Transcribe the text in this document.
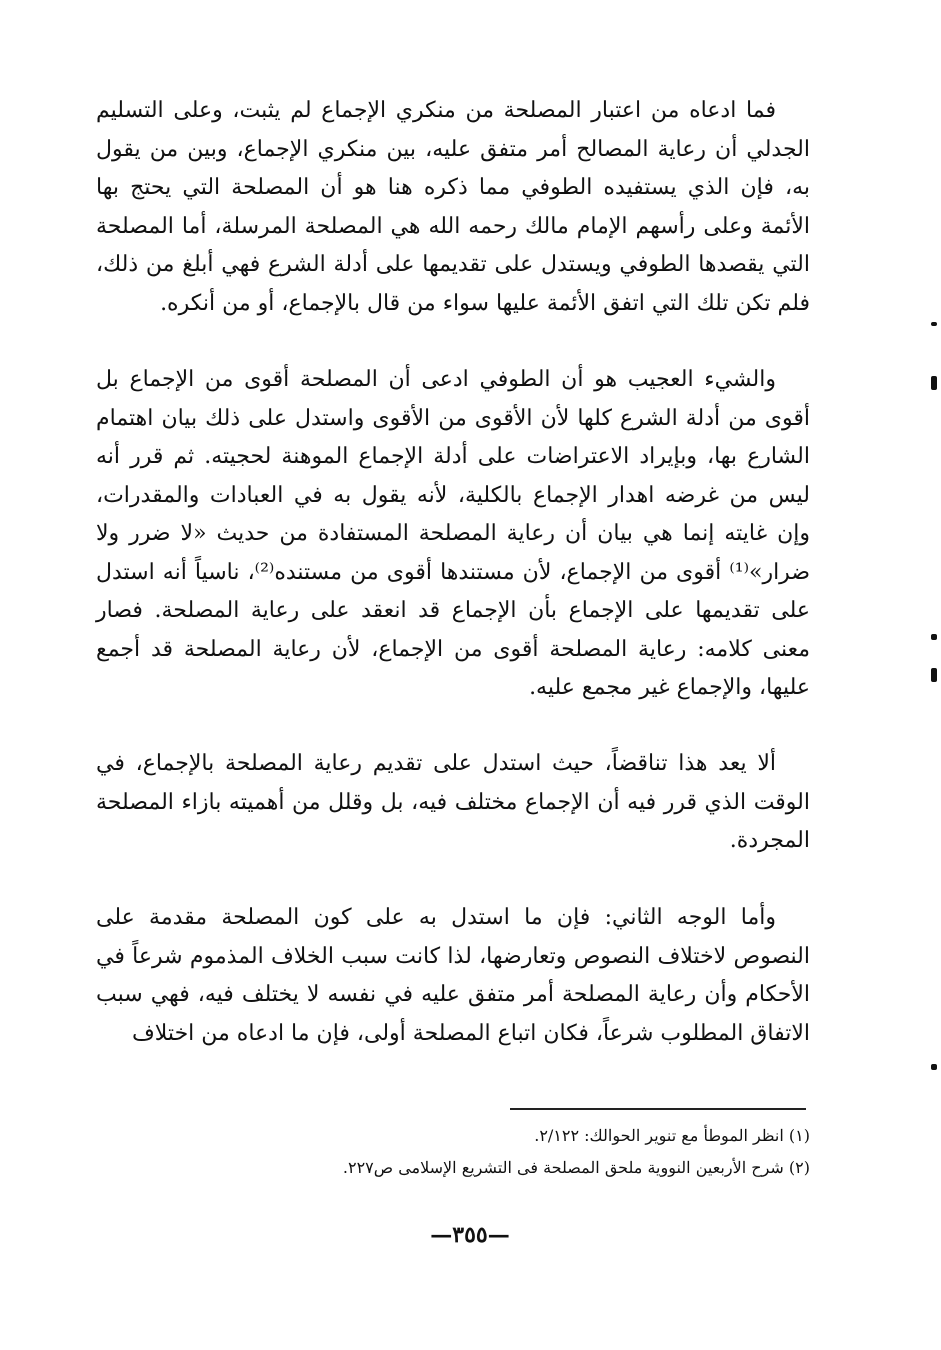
فما ادعاه من اعتبار المصلحة من منكري الإجماع لم يثبت، وعلى التسليم الجدلي أن رعاية المصالح أمر متفق عليه، بين منكري الإجماع، وبين من يقول به، فإن الذي يستفيده الطوفي مما ذكره هنا هو أن المصلحة التي يحتج بها الأئمة وعلى رأسهم الإمام مالك رحمه الله هي المصلحة المرسلة، أما المصلحة التي يقصدها الطوفي ويستدل على تقديمها على أدلة الشرع فهي أبلغ من ذلك، فلم تكن تلك التي اتفق الأئمة عليها سواء من قال بالإجماع، أو من أنكره.

والشيء العجيب هو أن الطوفي ادعى أن المصلحة أقوى من الإجماع بل أقوى من أدلة الشرع كلها لأن الأقوى من الأقوى واستدل على ذلك بيان اهتمام الشارع بها، وبإيراد الاعتراضات على أدلة الإجماع الموهنة لحجيته. ثم قرر أنه ليس من غرضه اهدار الإجماع بالكلية، لأنه يقول به في العبادات والمقدرات، وإن غايته إنما هي بيان أن رعاية المصلحة المستفادة من حديث «لا ضرر ولا ضرار»⁽¹⁾ أقوى من الإجماع، لأن مستندها أقوى من مستنده⁽²⁾، ناسياً أنه استدل على تقديمها على الإجماع بأن الإجماع قد انعقد على رعاية المصلحة. فصار معنى كلامه: رعاية المصلحة أقوى من الإجماع، لأن رعاية المصلحة قد أجمع عليها، والإجماع غير مجمع عليه.

ألا يعد هذا تناقضاً، حيث استدل على تقديم رعاية المصلحة بالإجماع، في الوقت الذي قرر فيه أن الإجماع مختلف فيه، بل وقلل من أهميته بازاء المصلحة المجردة.

وأما الوجه الثاني: فإن ما استدل به على كون المصلحة مقدمة على النصوص لاختلاف النصوص وتعارضها، لذا كانت سبب الخلاف المذموم شرعاً في الأحكام وأن رعاية المصلحة أمر متفق عليه في نفسه لا يختلف فيه، فهي سبب الاتفاق المطلوب شرعاً، فكان اتباع المصلحة أولى، فإن ما ادعاه من اختلاف

(١) انظر الموطأ مع تنوير الحوالك: ٢/١٢٢.

(٢) شرح الأربعين النووية ملحق المصلحة فى التشريع الإسلامى ص٢٢٧.

—٣٥٥—
